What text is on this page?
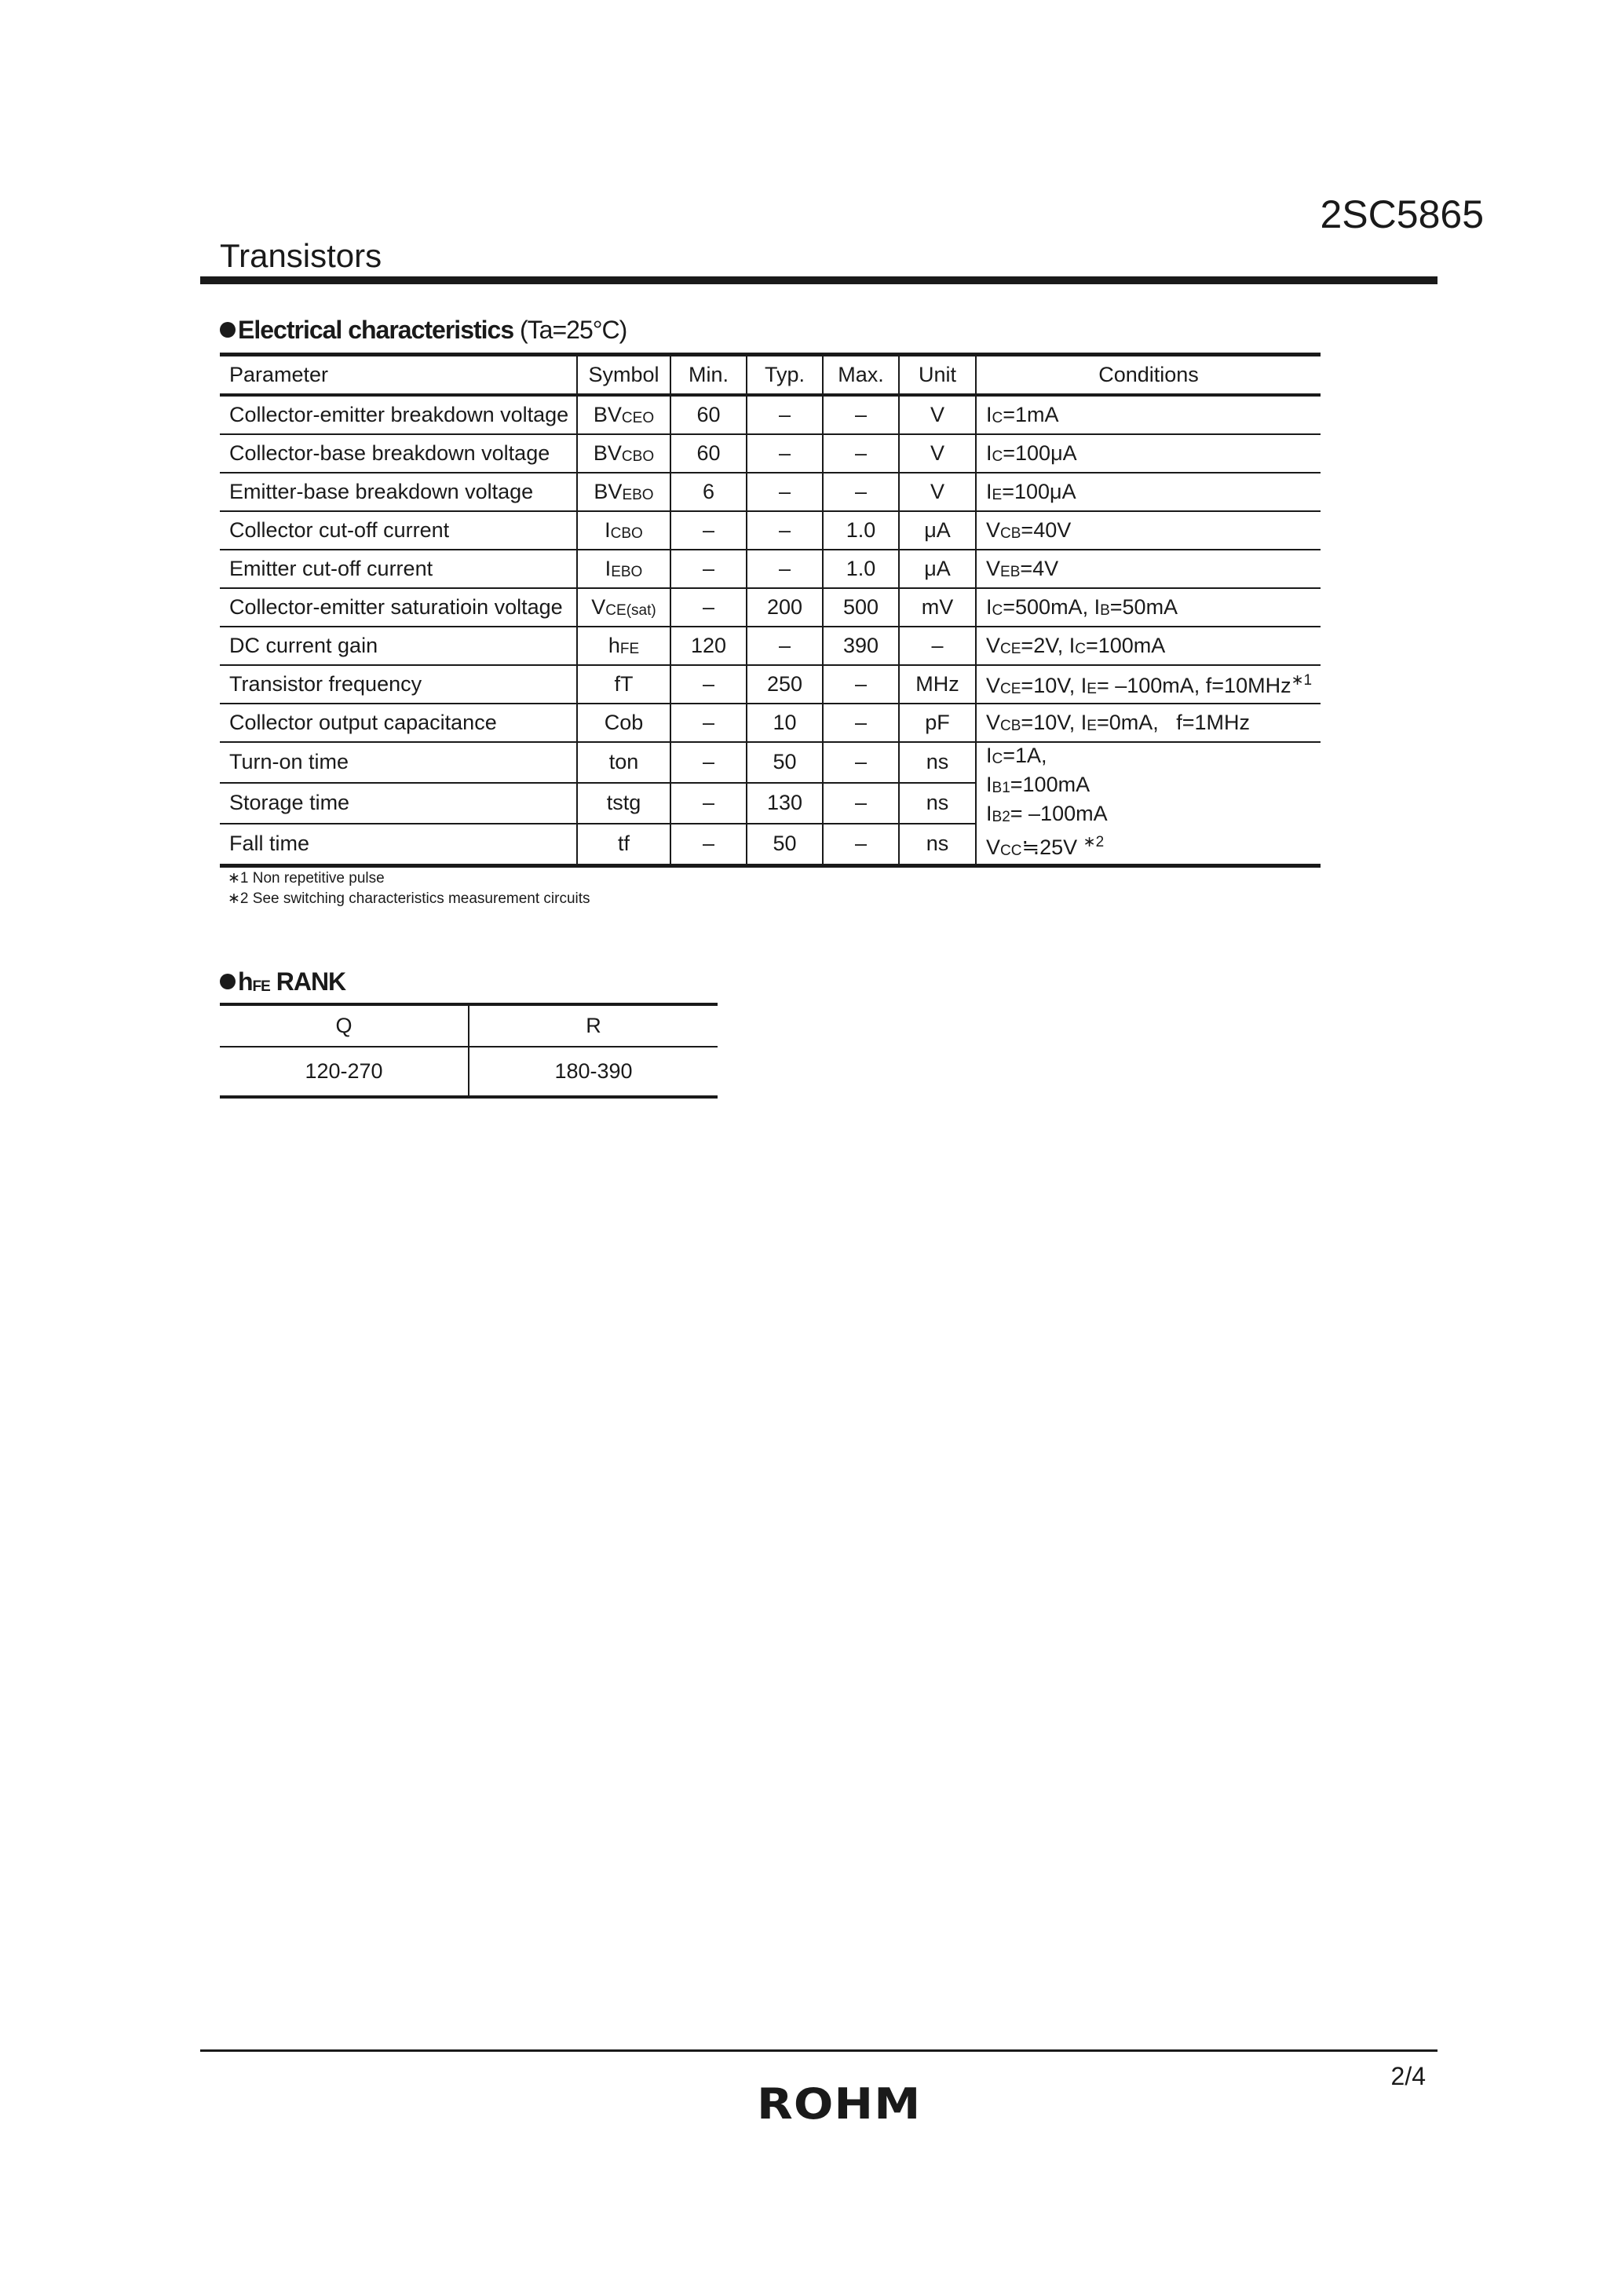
2SC5865
Transistors
Electrical characteristics (Ta=25°C)
Parameter	Symbol	Min.	Typ.	Max.	Unit	Conditions
Collector-emitter breakdown voltage	$BV_{CEO}$	60	–	–	V	$I_C=1mA$
Collector-base breakdown voltage	$BV_{CBO}$	60	–	–	V	$I_C=100\mu A$
Emitter-base breakdown voltage	$BV_{EBO}$	6	–	–	V	$I_E=100\mu A$
Collector cut-off current	$I_{CBO}$	–	–	1.0	μA	$V_{CB}=40V$
Emitter cut-off current	$I_{EBO}$	–	–	1.0	μA	$V_{EB}=4V$
Collector-emitter saturatioin voltage	$V_{CE(sat)}$	–	200	500	mV	$I_C=500mA$, $I_B=50mA$
DC current gain	$h_{FE}$	120	–	390	–	$V_{CE}=2V$, $I_C=100mA$
Transistor frequency	fT	–	250	–	MHz	$V_{CE}=10V$, $I_E= -100mA$, f=10MHz$^{∗1}$
Collector output capacitance	Cob	–	10	–	pF	$V_{CB}=10V$, $I_E=0mA$,   f=1MHz
Turn-on time	ton	–	50	–	ns	$I_C=1A$,
$I_{B1}=100mA$
$I_{B2}= -100mA$
$V_{CC}≒25V$ $^{∗2}$

Storage time	tstg	–	130	–	ns	
Fall time	tf	–	50	–	ns	
∗1 Non repetitive pulse
∗2 See switching characteristics measurement circuits
$h_{FE}$ RANK
Q	R
120-270	180-390
2/4
ROHM
